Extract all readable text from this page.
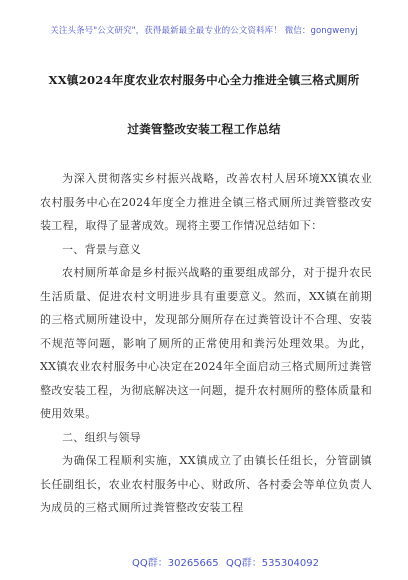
关注头条号"公文研究"，获得最新最全最专业的公文资料库！ 微信：gongwenyj
XX镇2024年度农业农村服务中心全力推进全镇三格式厕所
过粪管整改安装工程工作总结

为深入贯彻落实乡村振兴战略，改善农村人居环境XX镇农业农村服务中心在2024年度全力推进全镇三格式厕所过粪管整改安装工程，取得了显著成效。现将主要工作情况总结如下：

一、背景与意义

农村厕所革命是乡村振兴战略的重要组成部分，对于提升农民生活质量、促进农村文明进步具有重要意义。然而，XX镇在前期的三格式厕所建设中，发现部分厕所存在过粪管设计不合理、安装不规范等问题，影响了厕所的正常使用和粪污处理效果。为此，XX镇农业农村服务中心决定在2024年全面启动三格式厕所过粪管整改安装工程，为彻底解决这一问题，提升农村厕所的整体质量和使用效果。

二、组织与领导

为确保工程顺利实施，XX镇成立了由镇长任组长，分管副镇长任副组长，农业农村服务中心、财政所、各村委会等单位负责人为成员的三格式厕所过粪管整改安装工程

QQ群：30265665 QQ群：535304092
